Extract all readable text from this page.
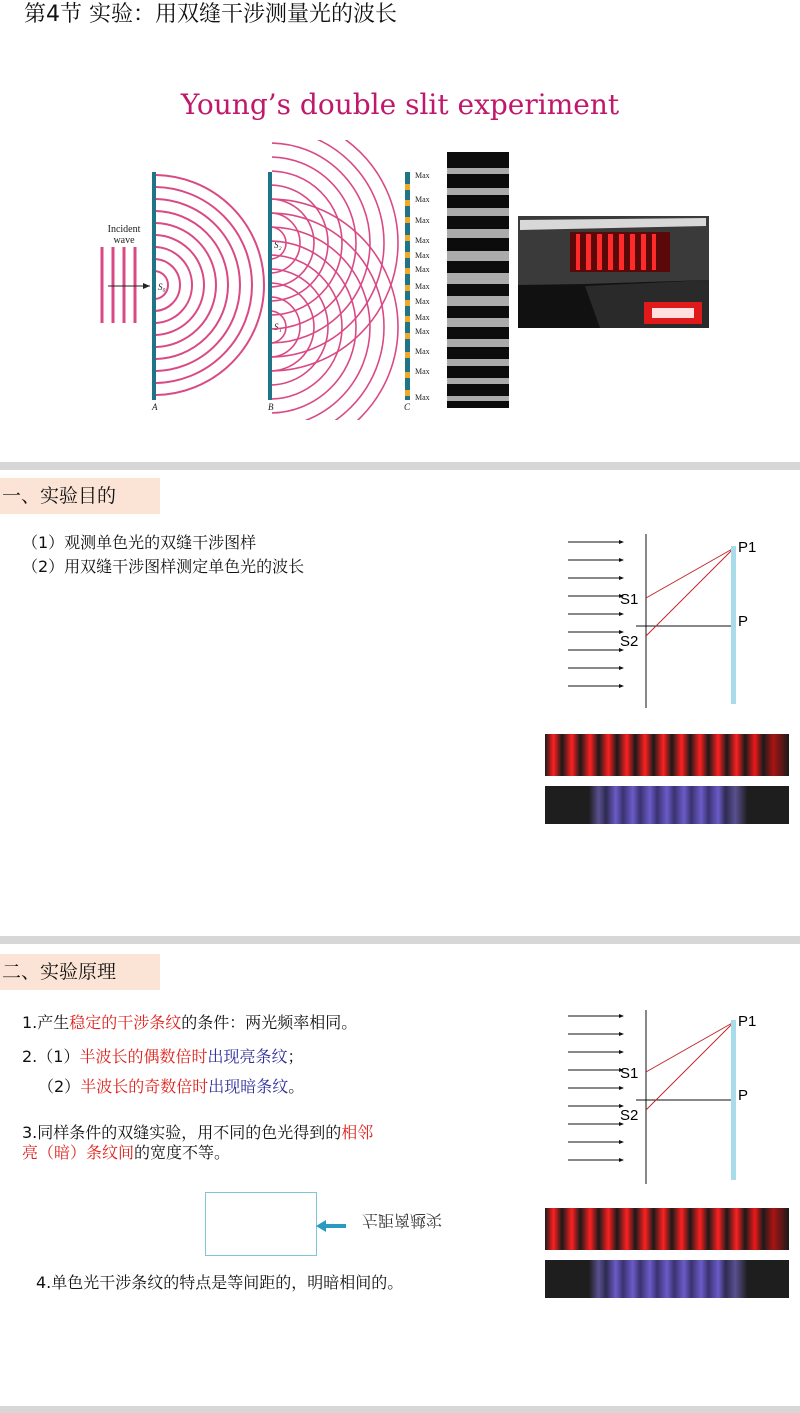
第4节 实验：用双缝干涉测量光的波长
Young’s double slit experiment
Incident
wave
S₀
A
S₂
S₁
B	C
Max
Max
Max
Max
Max
Max
Max
Max
Max
Max
Max
Max
Max
一、实验目的
（1）观测单色光的双缝干涉图样
（2）用双缝干涉图样测定单色光的波长
P1
P
S1
S2
二、实验原理
1.产生稳定的干涉条纹的条件：两光频率相同。
2.（1）半波长的偶数倍时出现亮条纹；
（2）半波长的奇数倍时出现暗条纹。
3.同样条件的双缝实验，用不同的色光得到的相邻
亮（暗）条纹间的宽度不等。
P1
P
S1
S2
左距离越实
4.单色光干涉条纹的特点是等间距的，明暗相间的。
